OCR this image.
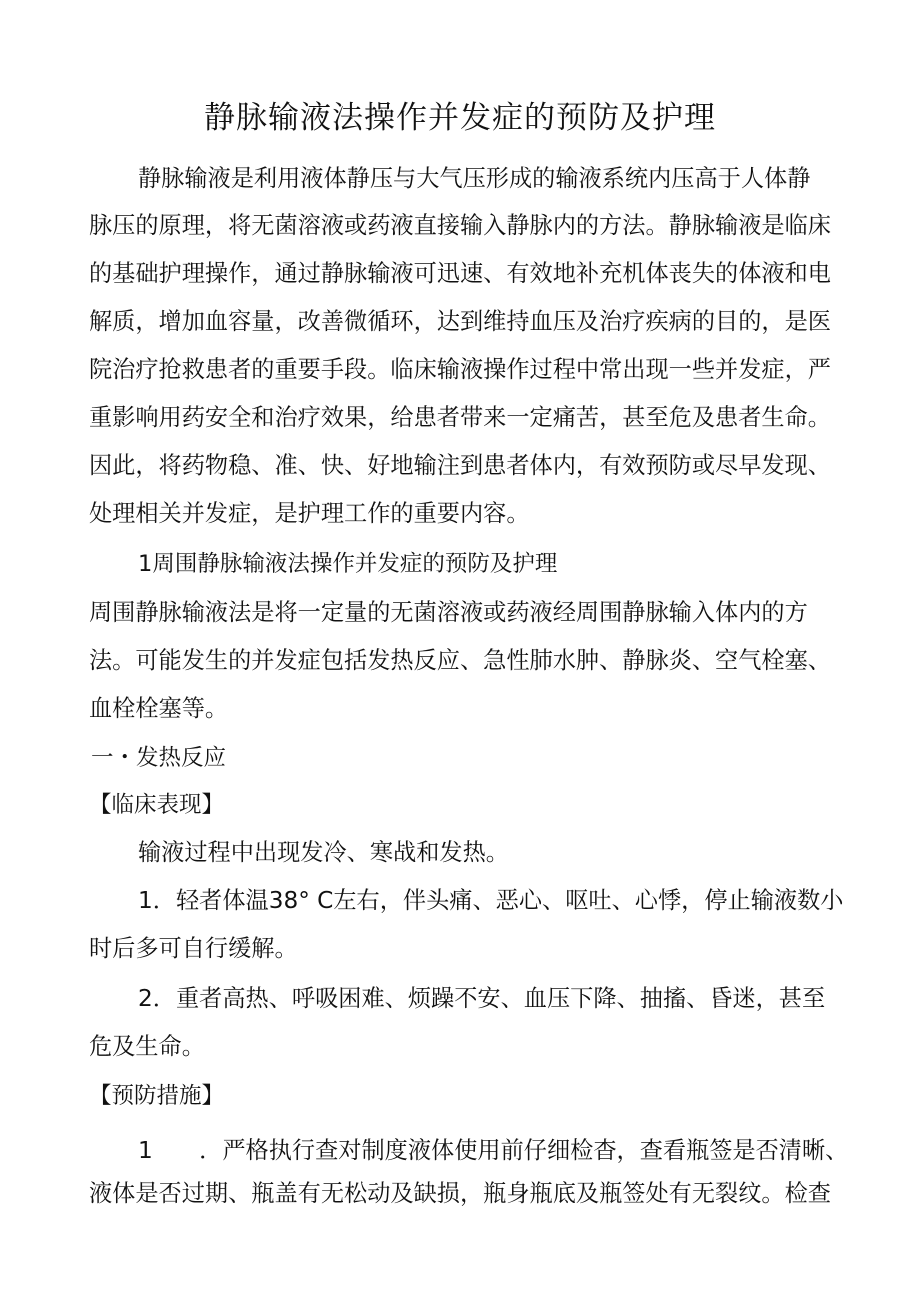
静脉输液法操作并发症的预防及护理
静脉输液是利用液体静压与大气压形成的输液系统内压高于人体静
脉压的原理，将无菌溶液或药液直接输入静脉内的方法。静脉输液是临床
的基础护理操作，通过静脉输液可迅速、有效地补充机体丧失的体液和电
解质，增加血容量，改善微循环，达到维持血压及治疗疾病的目的，是医
院治疗抢救患者的重要手段。临床输液操作过程中常出现一些并发症，严
重影响用药安全和治疗效果，给患者带来一定痛苦，甚至危及患者生命。
因此，将药物稳、准、快、好地输注到患者体内，有效预防或尽早发现、
处理相关并发症，是护理工作的重要内容。
1周围静脉输液法操作并发症的预防及护理
周围静脉输液法是将一定量的无菌溶液或药液经周围静脉输入体内的方
法。可能发生的并发症包括发热反应、急性肺水肿、静脉炎、空气栓塞、
血栓栓塞等。
一・发热反应
【临床表现】
输液过程中出现发冷、寒战和发热。
1．轻者体温38° C左右，伴头痛、恶心、呕吐、心悸，停止输液数小
时后多可自行缓解。
2．重者高热、呼吸困难、烦躁不安、血压下降、抽搐、昏迷，甚至
危及生命。
【预防措施】
1　　．严格执行查对制度液体使用前仔细检杳，查看瓶签是否清晰、
液体是否过期、瓶盖有无松动及缺损，瓶身瓶底及瓶签处有无裂纹。检查
